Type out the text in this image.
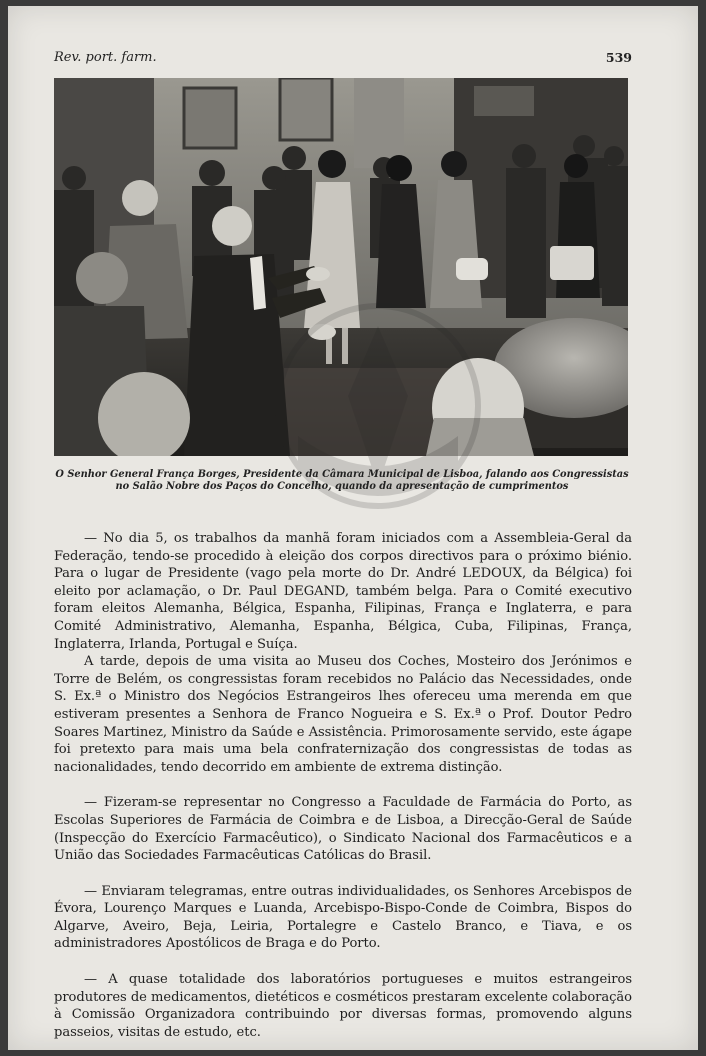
Rev. port. farm.	539
O Senhor General França Borges, Presidente da Câmara Municipal de Lisboa, falando aos Congressistas no Salão Nobre dos Paços do Concelho, quando da apresentação de cumprimentos

— No dia 5, os trabalhos da manhã foram iniciados com a Assembleia-Geral da Federação, tendo-se procedido à eleição dos corpos directivos para o próximo biénio. Para o lugar de Presidente (vago pela morte do Dr. André LEDOUX, da Bélgica) foi eleito por aclamação, o Dr. Paul DEGAND, também belga. Para o Comité executivo foram eleitos Alemanha, Bélgica, Espanha, Filipinas, França e Inglaterra, e para Comité Administrativo, Alemanha, Espanha, Bélgica, Cuba, Filipinas, França, Inglaterra, Irlanda, Portugal e Suíça.

A tarde, depois de uma visita ao Museu dos Coches, Mosteiro dos Jerónimos e Torre de Belém, os congressistas foram recebidos no Palácio das Necessidades, onde S. Ex.ª o Ministro dos Negócios Estrangeiros lhes ofereceu uma merenda em que estiveram presentes a Senhora de Franco Nogueira e S. Ex.ª o Prof. Doutor Pedro Soares Martinez, Ministro da Saúde e Assistência. Primorosamente servido, este ágape foi pretexto para mais uma bela confraternização dos congressistas de todas as nacionalidades, tendo decorrido em ambiente de extrema distinção.

— Fizeram-se representar no Congresso a Faculdade de Farmácia do Porto, as Escolas Superiores de Farmácia de Coimbra e de Lisboa, a Direcção-Geral de Saúde (Inspecção do Exercício Farmacêutico), o Sindicato Nacional dos Farmacêuticos e a União das Sociedades Farmacêuticas Católicas do Brasil.

— Enviaram telegramas, entre outras individualidades, os Senhores Arcebispos de Évora, Lourenço Marques e Luanda, Arcebispo-Bispo-Conde de Coimbra, Bispos do Algarve, Aveiro, Beja, Leiria, Portalegre e Castelo Branco, e Tiava, e os administradores Apostólicos de Braga e do Porto.

— A quase totalidade dos laboratórios portugueses e muitos estrangeiros produtores de medicamentos, dietéticos e cosméticos prestaram excelente colaboração à Comissão Organizadora contribuindo por diversas formas, promovendo alguns passeios, visitas de estudo, etc.
